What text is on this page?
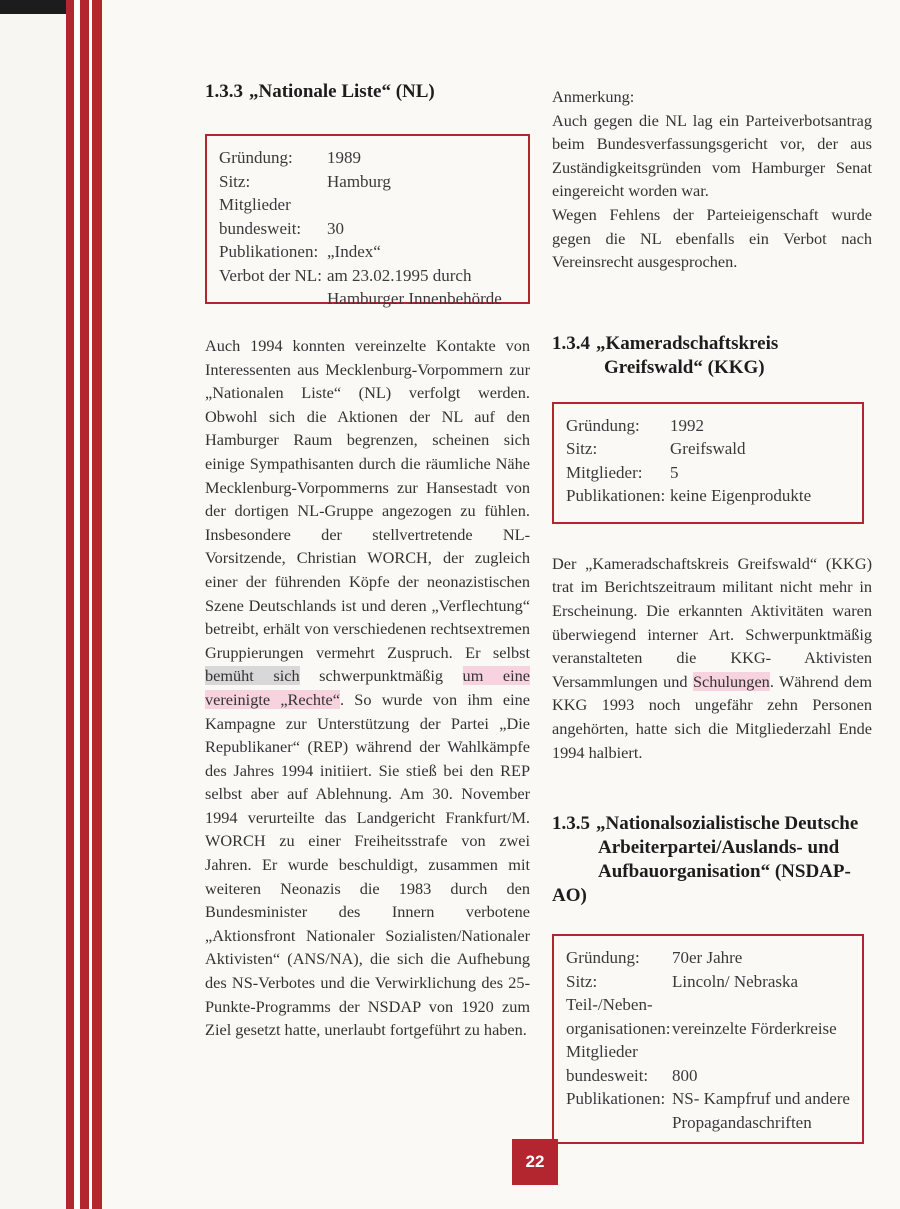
1.3.3 „Nationale Liste“ (NL)
Gründung:	1989
Sitz:	Hamburg
Mitglieder
bundesweit:	30
Publikationen: „Index“
Verbot der NL: am 23.02.1995 durch
Hamburger Innenbehörde

Auch 1994 konnten vereinzelte Kontakte von Interessenten aus Mecklenburg-Vorpommern zur „Nationalen Liste“ (NL) verfolgt werden. Obwohl sich die Aktionen der NL auf den Hamburger Raum begrenzen, scheinen sich einige Sympathisanten durch die räumliche Nähe Mecklenburg-Vorpommerns zur Hansestadt von der dortigen NL-Gruppe angezogen zu fühlen. Insbesondere der stellvertretende NL-Vorsitzende, Christian WORCH, der zugleich einer der führenden Köpfe der neonazistischen Szene Deutschlands ist und deren „Verflechtung“ betreibt, erhält von verschiedenen rechtsextremen Gruppierungen vermehrt Zuspruch. Er selbst bemüht sich schwerpunktmäßig um eine vereinigte „Rechte“. So wurde von ihm eine Kampagne zur Unterstützung der Partei „Die Republikaner“ (REP) während der Wahlkämpfe des Jahres 1994 initiiert. Sie stieß bei den REP selbst aber auf Ablehnung. Am 30. November 1994 verurteilte das Landgericht Frankfurt/M. WORCH zu einer Freiheitsstrafe von zwei Jahren. Er wurde beschuldigt, zusammen mit weiteren Neonazis die 1983 durch den Bundesminister des Innern verbotene „Aktionsfront Nationaler Sozialisten/Nationaler Aktivisten“ (ANS/NA), die sich die Aufhebung des NS-Verbotes und die Verwirklichung des 25-Punkte-Programms der NSDAP von 1920 zum Ziel gesetzt hatte, unerlaubt fortgeführt zu haben.

Anmerkung:

Auch gegen die NL lag ein Parteiverbotsantrag beim Bundesverfassungsgericht vor, der aus Zuständigkeitsgründen vom Hamburger Senat eingereicht worden war.

Wegen Fehlens der Parteieigenschaft wurde gegen die NL ebenfalls ein Verbot nach Vereinsrecht ausgesprochen.

1.3.4 „Kameradschaftskreis
Greifswald“ (KKG)
Gründung:	1992
Sitz:	Greifswald
Mitglieder:	5
Publikationen: keine Eigenprodukte

Der „Kameradschaftskreis Greifswald“ (KKG) trat im Berichtszeitraum militant nicht mehr in Erscheinung. Die erkannten Aktivitäten waren überwiegend interner Art. Schwerpunktmäßig veranstalteten die KKG- Aktivisten Versammlungen und Schulungen. Während dem KKG 1993 noch ungefähr zehn Personen angehörten, hatte sich die Mitgliederzahl Ende 1994 halbiert.

1.3.5 „Nationalsozialistische Deutsche
Arbeiterpartei/Auslands- und
Aufbauorganisation“ (NSDAP-AO)
Gründung:	70er Jahre
Sitz:	Lincoln/ Nebraska
Teil-/Neben-
organisationen: vereinzelte Förderkreise
Mitglieder
bundesweit:	800
Publikationen: NS- Kampfruf und andere
Propagandaschriften
22
